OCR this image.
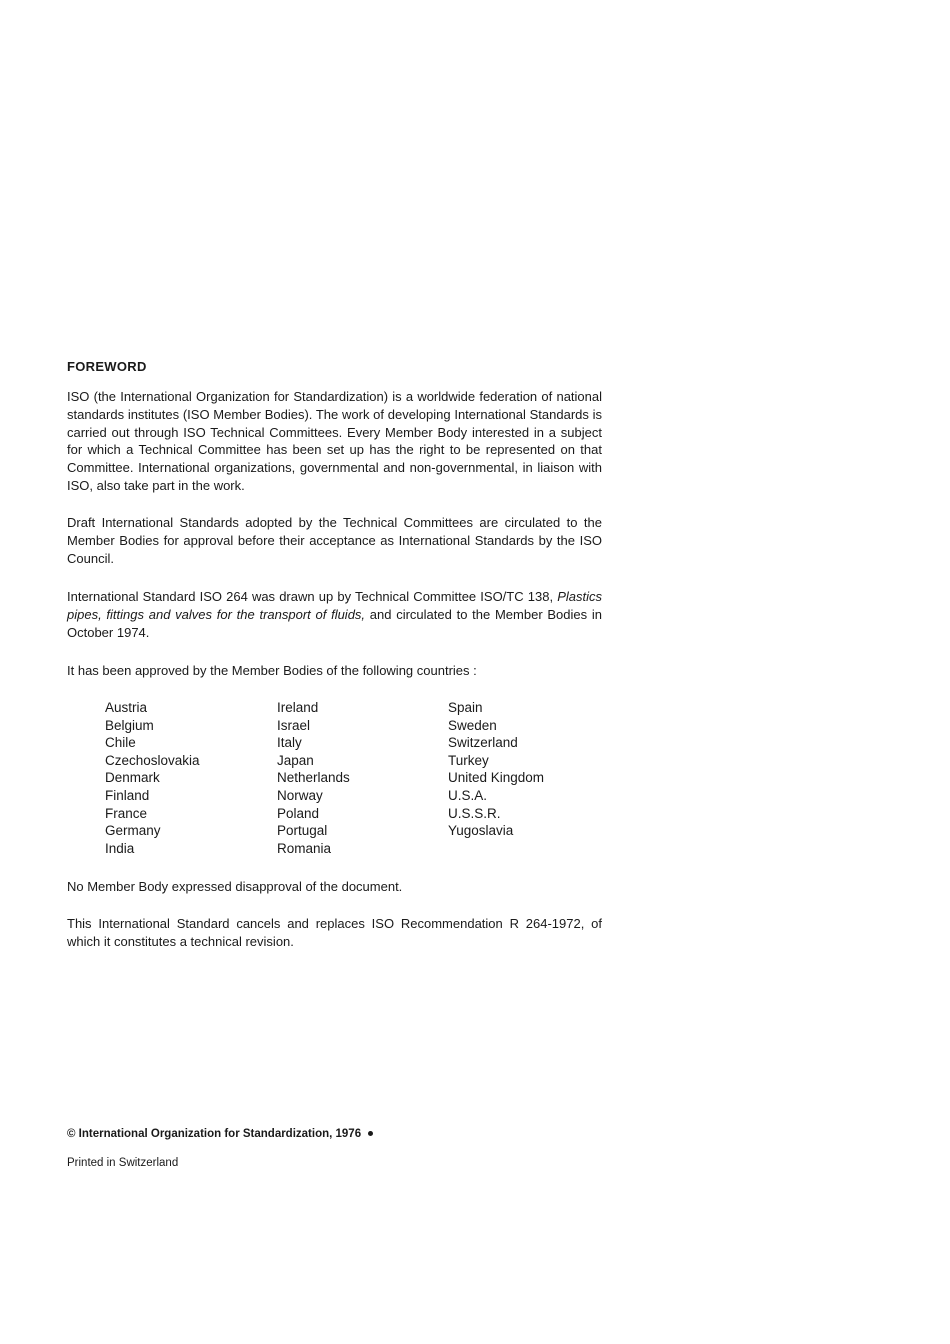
FOREWORD
ISO (the International Organization for Standardization) is a worldwide federation of national standards institutes (ISO Member Bodies). The work of developing International Standards is carried out through ISO Technical Committees. Every Member Body interested in a subject for which a Technical Committee has been set up has the right to be represented on that Committee. International organizations, governmental and non-governmental, in liaison with ISO, also take part in the work.
Draft International Standards adopted by the Technical Committees are circulated to the Member Bodies for approval before their acceptance as International Standards by the ISO Council.
International Standard ISO 264 was drawn up by Technical Committee ISO/TC 138, Plastics pipes, fittings and valves for the transport of fluids, and circulated to the Member Bodies in October 1974.
It has been approved by the Member Bodies of the following countries :
Austria
Belgium
Chile
Czechoslovakia
Denmark
Finland
France
Germany
India
Ireland
Israel
Italy
Japan
Netherlands
Norway
Poland
Portugal
Romania
Spain
Sweden
Switzerland
Turkey
United Kingdom
U.S.A.
U.S.S.R.
Yugoslavia
No Member Body expressed disapproval of the document.
This International Standard cancels and replaces ISO Recommendation R 264-1972, of which it constitutes a technical revision.
© International Organization for Standardization, 1976
Printed in Switzerland
